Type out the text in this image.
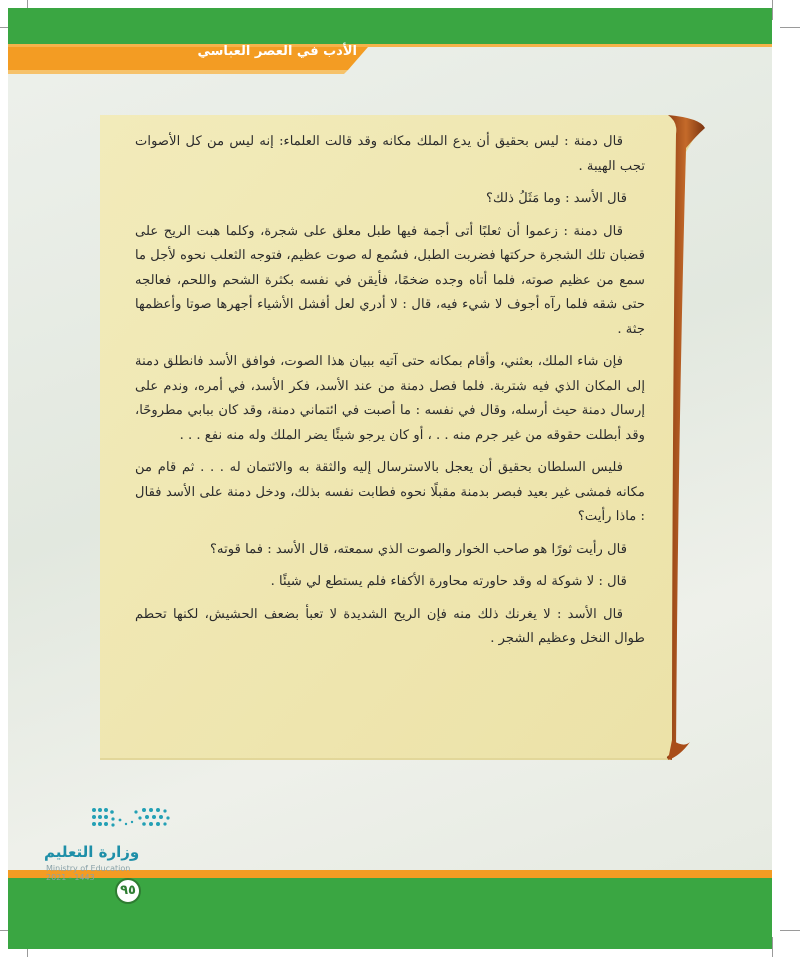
الأدب في العصر العباسي

قال دمنة : ليس بحقيق أن يدع الملك مكانه وقد قالت العلماء: إنه ليس من كل الأصوات تجب الهيبة .

قال الأسد : وما مَثَلُ ذلك؟

قال دمنة : زعموا أن ثعلبًا أتى أجمة فيها طبل معلق على شجرة، وكلما هبت الريح على قضبان تلك الشجرة حركتها فضربت الطبل، فسُمع له صوت عظيم، فتوجه الثعلب نحوه لأجل ما سمع من عظيم صوته، فلما أتاه وجده ضخمًا، فأيقن في نفسه بكثرة الشحم واللحم، فعالجه حتى شقه فلما رآه أجوف لا شيء فيه، قال : لا أدري لعل أفشل الأشياء أجهرها صوتا وأعظمها جثة .

فإن شاء الملك، بعثني، وأقام بمكانه حتى آتيه ببيان هذا الصوت، فوافق الأسد فانطلق دمنة إلى المكان الذي فيه شتربة. فلما فصل دمنة من عند الأسد، فكر الأسد، في أمره، وندم على إرسال دمنة حيث أرسله، وقال في نفسه : ما أصبت في ائتماني دمنة، وقد كان ببابي مطروحًا، وقد أبطلت حقوقه من غير جرم منه . . ، أو كان يرجو شيئًا يضر الملك وله منه نفع . . .

فليس السلطان بحقيق أن يعجل بالاسترسال إليه والثقة به والائتمان له . . . ثم قام من مكانه فمشى غير بعيد فبصر بدمنة مقبلًا نحوه فطابت نفسه بذلك، ودخل دمنة على الأسد فقال : ماذا رأيت؟

قال رأيت ثورًا هو صاحب الخوار والصوت الذي سمعته، قال الأسد : فما قوته؟

قال : لا شوكة له وقد حاورته محاورة الأكفاء فلم يستطع لي شيئًا .

قال الأسد : لا يغرنك ذلك منه فإن الريح الشديدة لا تعبأ بضعف الحشيش، لكنها تحطم طوال النخل وعظيم الشجر .

وزارة التعليم
Ministry of Education
2021 - 1443
٩٥
